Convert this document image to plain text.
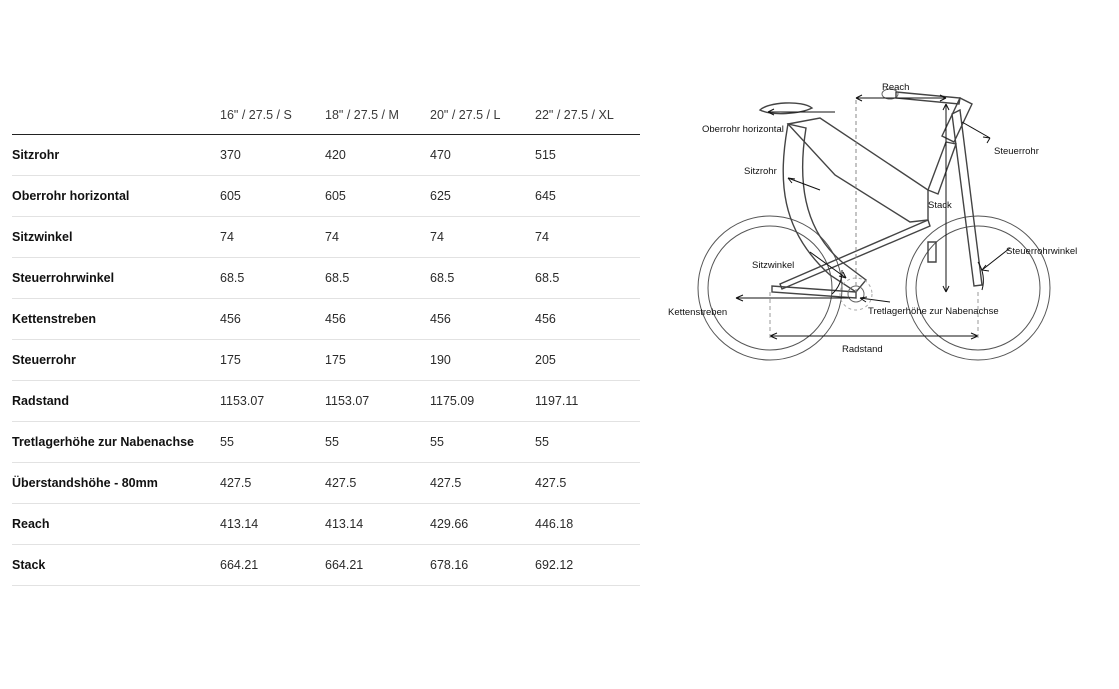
	16" / 27.5 / S	18" / 27.5 / M	20" / 27.5 / L	22" / 27.5 / XL
Sitzrohr	370	420	470	515
Oberrohr horizontal	605	605	625	645
Sitzwinkel	74	74	74	74
Steuerrohrwinkel	68.5	68.5	68.5	68.5
Kettenstreben	456	456	456	456
Steuerrohr	175	175	190	205
Radstand	1153.07	1153.07	1175.09	1197.11
Tretlagerhöhe zur Nabenachse	55	55	55	55
Überstandshöhe - 80mm	427.5	427.5	427.5	427.5
Reach	413.14	413.14	429.66	446.18
Stack	664.21	664.21	678.16	692.12
Reach
Oberrohr horizontal
Steuerrohr
Sitzrohr
Stack
Sitzwinkel
Steuerrohrwinkel
Kettenstreben	Tretlagerhöhe zur Nabenachse
Radstand
